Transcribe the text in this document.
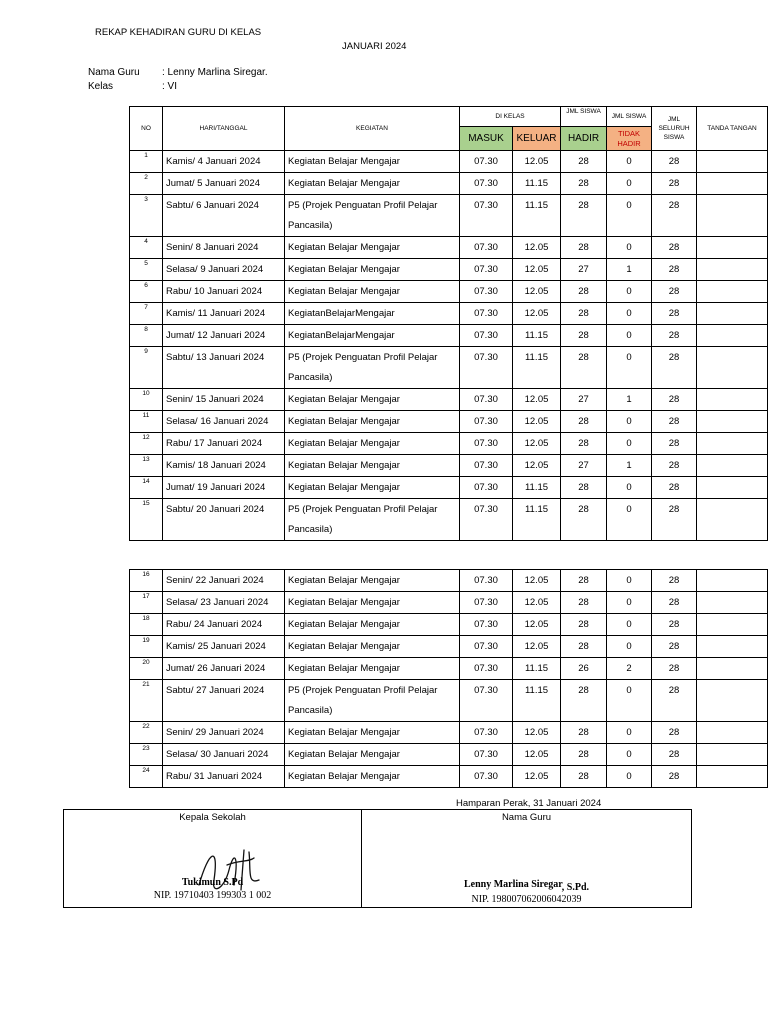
REKAP KEHADIRAN GURU DI KELAS
JANUARI 2024
Nama Guru : Lenny Marlina Siregar.
Kelas	: VI
NO	HARI/TANGGAL	KEGIATAN	DI KELAS		JML SISWA	JML SISWA	JML SELURUH SISWA	TANDA TANGAN
			MASUK	KELUAR	HADIR	TIDAK HADIR		
1	Kamis/ 4 Januari 2024	Kegiatan Belajar Mengajar	07.30	12.05	28	0	28	
2	Jumat/ 5 Januari 2024	Kegiatan Belajar Mengajar	07.30	11.15	28	0	28	
3	Sabtu/ 6 Januari 2024	P5 (Projek Penguatan Profil Pelajar Pancasila)	07.30	11.15	28	0	28	
4	Senin/ 8 Januari 2024	Kegiatan Belajar Mengajar	07.30	12.05	28	0	28	
5	Selasa/ 9 Januari 2024	Kegiatan Belajar Mengajar	07.30	12.05	27	1	28	
6	Rabu/ 10 Januari 2024	Kegiatan Belajar Mengajar	07.30	12.05	28	0	28	
7	Kamis/ 11 Januari 2024	KegiatanBelajarMengajar	07.30	12.05	28	0	28	
8	Jumat/ 12 Januari 2024	KegiatanBelajarMengajar	07.30	11.15	28	0	28	
9	Sabtu/ 13 Januari 2024	P5 (Projek Penguatan Profil Pelajar Pancasila)	07.30	11.15	28	0	28	
10	Senin/ 15 Januari 2024	Kegiatan Belajar Mengajar	07.30	12.05	27	1	28	
11	Selasa/ 16 Januari 2024	Kegiatan Belajar Mengajar	07.30	12.05	28	0	28	
12	Rabu/ 17 Januari 2024	Kegiatan Belajar Mengajar	07.30	12.05	28	0	28	
13	Kamis/ 18 Januari 2024	Kegiatan Belajar Mengajar	07.30	12.05	27	1	28	
14	Jumat/ 19 Januari 2024	Kegiatan Belajar Mengajar	07.30	11.15	28	0	28	
15	Sabtu/ 20 Januari 2024	P5 (Projek Penguatan Profil Pelajar Pancasila)	07.30	11.15	28	0	28	
16	Senin/ 22 Januari 2024	Kegiatan Belajar Mengajar	07.30	12.05	28	0	28	
17	Selasa/ 23 Januari 2024	Kegiatan Belajar Mengajar	07.30	12.05	28	0	28	
18	Rabu/ 24 Januari 2024	Kegiatan Belajar Mengajar	07.30	12.05	28	0	28	
19	Kamis/ 25 Januari 2024	Kegiatan Belajar Mengajar	07.30	12.05	28	0	28	
20	Jumat/ 26 Januari 2024	Kegiatan Belajar Mengajar	07.30	11.15	26	2	28	
21	Sabtu/ 27 Januari 2024	P5 (Projek Penguatan Profil Pelajar Pancasila)	07.30	11.15	28	0	28	
22	Senin/ 29 Januari 2024	Kegiatan Belajar Mengajar	07.30	12.05	28	0	28	
23	Selasa/ 30 Januari 2024	Kegiatan Belajar Mengajar	07.30	12.05	28	0	28	
24	Rabu/ 31 Januari 2024	Kegiatan Belajar Mengajar	07.30	12.05	28	0	28	
Hamparan Perak, 31 Januari 2024
Kepala Sekolah
Tukimun S.Pd
NIP. 19710403 199303 1 002

Nama Guru
Lenny Marlina Siregar, S.Pd.
NIP. 198007062006042039
